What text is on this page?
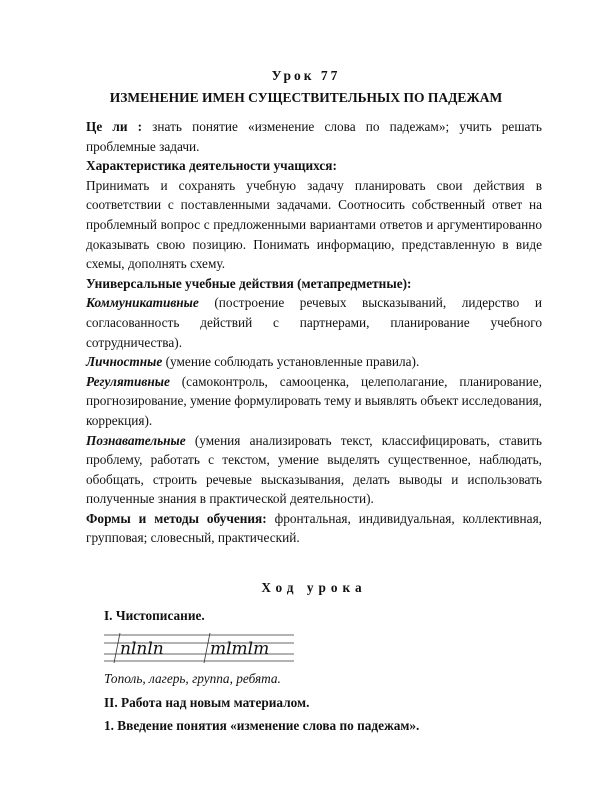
Урок 77
ИЗМЕНЕНИЕ ИМЕН СУЩЕСТВИТЕЛЬНЫХ ПО ПАДЕЖАМ

Це ли : знать понятие «изменение слова по падежам»; учить решать проблемные задачи.

Характеристика деятельности учащихся:

Принимать и сохранять учебную задачу планировать свои действия в соответствии с поставленными задачами. Соотносить собственный ответ на проблемный вопрос с предложенными вариантами ответов и аргументированно доказывать свою позицию. Понимать информацию, представленную в виде схемы, дополнять схему.

Универсальные учебные действия (метапредметные):

Коммуникативные (построение речевых высказываний, лидерство и согласованность действий с партнерами, планирование учебного сотрудничества).

Личностные (умение соблюдать установленные правила).

Регулятивные (самоконтроль, самооценка, целеполагание, планирование, прогнозирование, умение формулировать тему и выявлять объект исследования, коррекция).

Познавательные (умения анализировать текст, классифицировать, ставить проблему, работать с текстом, умение выделять существенное, наблюдать, обобщать, строить речевые высказывания, делать выводы и использовать полученные знания в практической деятельности).

Формы и методы обучения: фронтальная, индивидуальная, коллективная, групповая; словесный, практический.

Ход урока

I. Чистописание.

nlnln	mlmlm

Тополь, лагерь, группа, ребята.

II. Работа над новым материалом.

1. Введение понятия «изменение слова по падежам».
